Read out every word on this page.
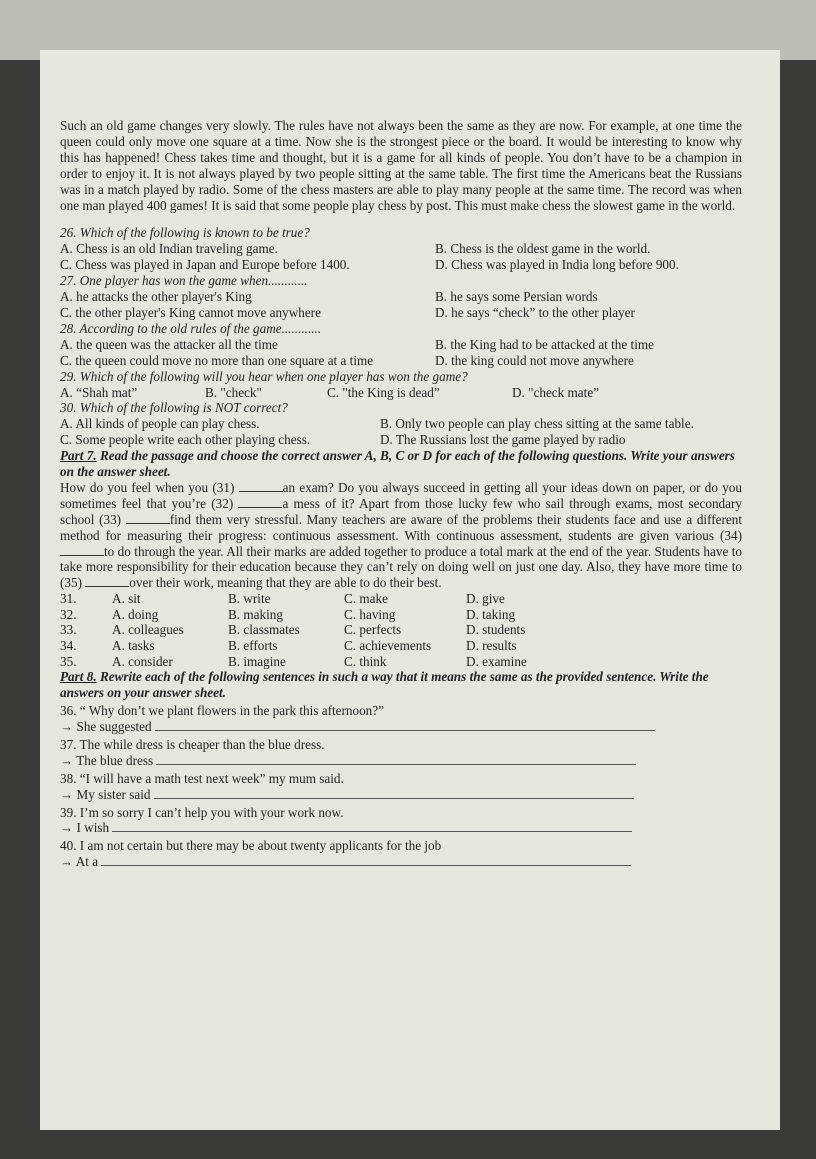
Such an old game changes very slowly. The rules have not always been the same as they are now. For example, at one time the queen could only move one square at a time. Now she is the strongest piece or the board. It would be interesting to know why this has happened! Chess takes time and thought, but it is a game for all kinds of people. You don’t have to be a champion in order to enjoy it. It is not always played by two people sitting at the same table. The first time the Americans beat the Russians was in a match played by radio. Some of the chess masters are able to play many people at the same time. The record was when one man played 400 games! It is said that some people play chess by post. This must make chess the slowest game in the world.

26. Which of the following is known to be true?

A. Chess is an old Indian traveling game.	B. Chess is the oldest game in the world.
C. Chess was played in Japan and Europe before 1400.	D. Chess was played in India long before 900.

27. One player has won the game when............

A. he attacks the other player's King	B. he says some Persian words
C. the other player's King cannot move anywhere	D. he says “check” to the other player

28. According to the old rules of the game............

A. the queen was the attacker all the time	B. the King had to be attacked at the time
C. the queen could move no more than one square at a time	D. the king could not move anywhere

29. Which of the following will you hear when one player has won the game?

A. “Shah mat”	B. "check"	C. "the King is dead”	D. "check mate”

30. Which of the following is NOT correct?

A. All kinds of people can play chess.	B. Only two people can play chess sitting at the same table.
C. Some people write each other playing chess.	D. The Russians lost the game played by radio

Part 7. Read the passage and choose the correct answer A, B, C or D for each of the following questions. Write your answers on the answer sheet.

How do you feel when you (31)	an exam? Do you always succeed in getting all your ideas down on paper, or do you sometimes feel that you’re (32)	a mess of it? Apart from those lucky few who sail through exams, most secondary school (33)	find them very stressful. Many teachers are aware of the problems their students face and use a different method for measuring their progress: continuous assessment. With continuous assessment, students are given various (34) to do through the year. All their marks are added together to produce a total mark at the end of the year. Students have to take more responsibility for their education because they can’t rely on doing well on just one day. Also, they have more time to (35)	over their work, meaning that they are able to do their best.

31.	A. sit	B. write	C. make	D. give
32.	A. doing	B. making	C. having	D. taking
33.	A. colleagues	B. classmates	C. perfects	D. students
34.	A. tasks	B. efforts	C. achievements	D. results
35.	A. consider	B. imagine	C. think	D. examine

Part 8. Rewrite each of the following sentences in such a way that it means the same as the provided sentence. Write the answers on your answer sheet.

36. “ Why don’t we plant flowers in the park this afternoon?”

→ She suggested

37. The while dress is cheaper than the blue dress.

→ The blue dress

38. “I will have a math test next week” my mum said.

→ My sister said

39. I’m so sorry I can’t help you with your work now.

→ I wish

40. I am not certain but there may be about twenty applicants for the job

→ At a
